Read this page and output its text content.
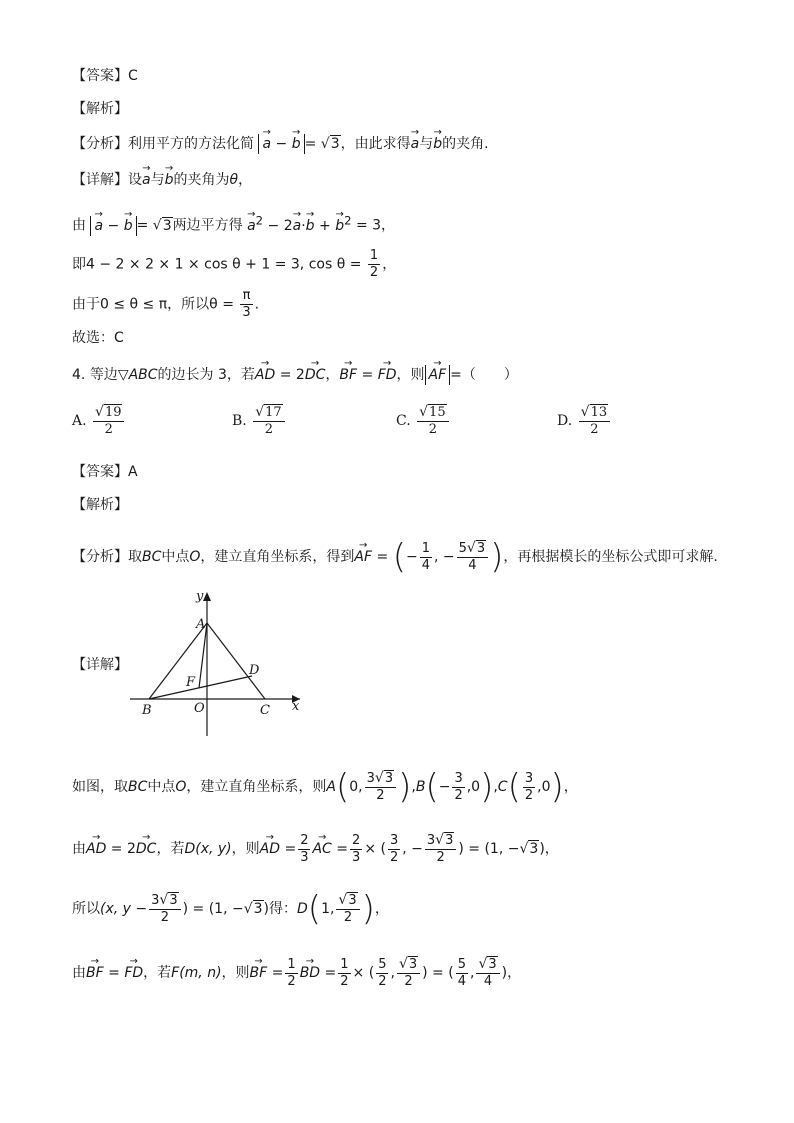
【答案】C
【解析】
【分析】利用平方的方法化简 → a − → b = √3，由此求得→ a与→ b的夹角.
【详解】设→ a与→ b的夹角为θ，
由 → a − → b = √3两边平方得 → $a^2 - 2\to a\cdot\to b$ + → $b^2 = 3$，
即4 − 2 × 2 × 1 × cos θ + 1 = 3, $\cos \theta = \frac{1}{2}$ ，
由于0 ≤ θ ≤ π，所以$\theta = \frac{\pi}{3}$ .
故选：C
4. 等边▽ABC的边长为 3，若→ AD = 2→ DC，→ BF = → FD，则 → AF =（　　）
A. $\frac{√19}{2}$	B. $\frac{√17}{2}$	C. $\frac{√15}{2}$	D. $\frac{√13}{2}$
【答案】A
【解析】
【分析】取BC中点O，建立直角坐标系，得到→ AF = (− $\frac{1}{4}$ , − $\frac{5√3}{4}$ )，再根据模长的坐标公式即可求解.
【详解】
y
x
A
B	C
D
F
O
如图，取BC中点O，建立直角坐标系，则A(0, $\frac{3√3}{2} ),B(- \frac{3}{2} ,0),C( \frac{3}{2} ,0)$，
由→ AD = 2→ DC，若D(x, y)，则→ AD = $\frac{2}{3}$ → AC = $\frac{2}{3}$ × ( $\frac{3}{2}$ , − $\frac{3√3}{2}$ ) = (1, −√3)，
所以(x, $y - \frac{3√3}{2}$ ) = (1, −√3)得：D(1, $\frac{√3}{2}$ )，
由→ BF = → FD，若F(m, n)，则→ BF = $\frac{1}{2}$ → BD = $\frac{1}{2}$ × ( $\frac{5}{2}$ , $\frac{√3}{2}$ ) = ( $\frac{5}{4}$ , $\frac{√3}{4}$ )，
